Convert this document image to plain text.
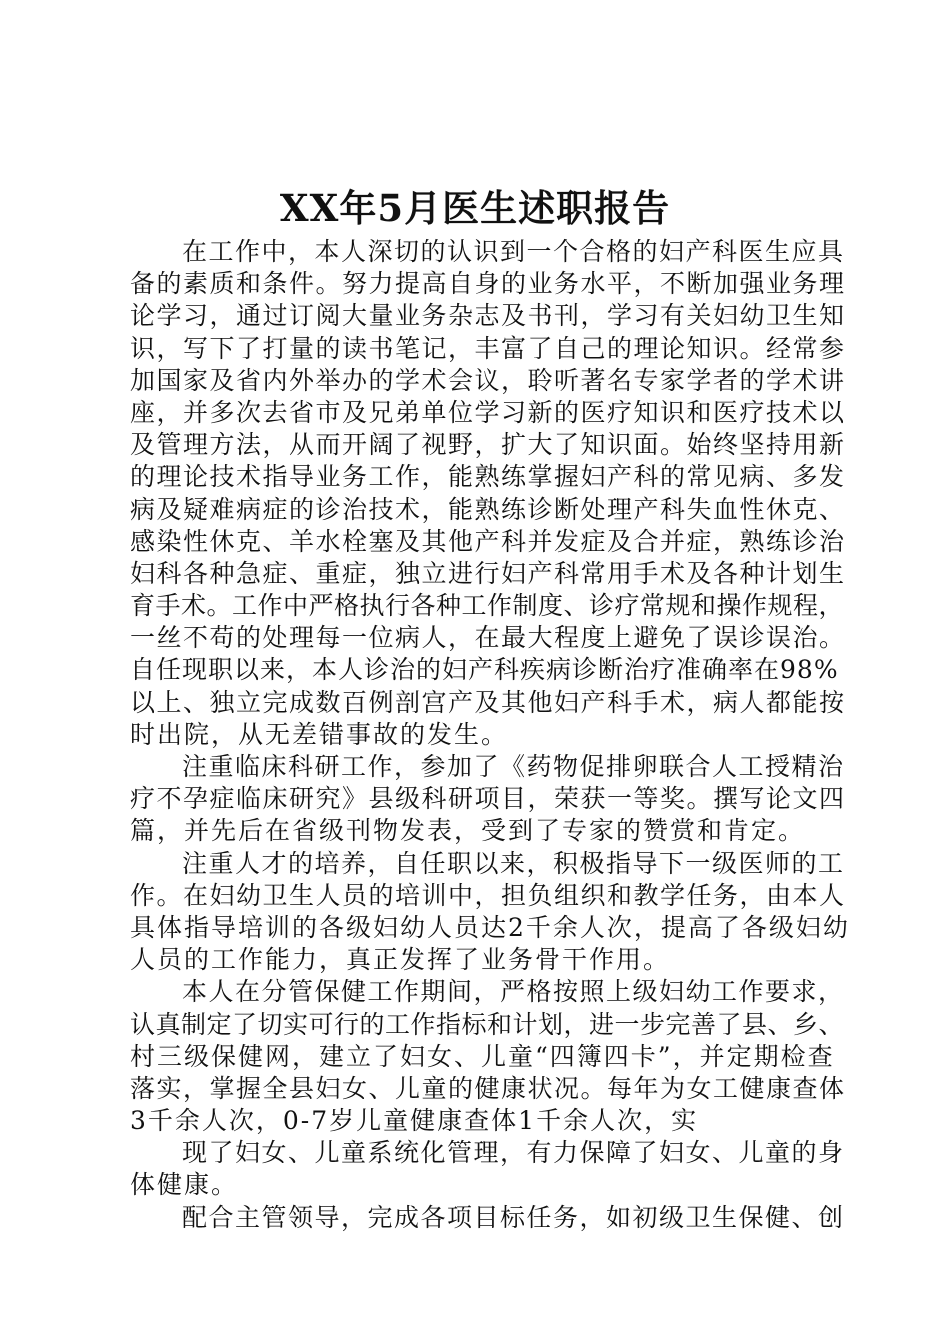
XX年5月医生述职报告
在工作中，本人深切的认识到一个合格的妇产科医生应具
备的素质和条件。努力提高自身的业务水平，不断加强业务理
论学习，通过订阅大量业务杂志及书刊，学习有关妇幼卫生知
识，写下了打量的读书笔记，丰富了自己的理论知识。经常参
加国家及省内外举办的学术会议，聆听著名专家学者的学术讲
座，并多次去省市及兄弟单位学习新的医疗知识和医疗技术以
及管理方法，从而开阔了视野，扩大了知识面。始终坚持用新
的理论技术指导业务工作，能熟练掌握妇产科的常见病、多发
病及疑难病症的诊治技术，能熟练诊断处理产科失血性休克、
感染性休克、羊水栓塞及其他产科并发症及合并症，熟练诊治
妇科各种急症、重症，独立进行妇产科常用手术及各种计划生
育手术。工作中严格执行各种工作制度、诊疗常规和操作规程，
一丝不苟的处理每一位病人，在最大程度上避免了误诊误治。
自任现职以来，本人诊治的妇产科疾病诊断治疗准确率在98%
以上、独立完成数百例剖宫产及其他妇产科手术，病人都能按
时出院，从无差错事故的发生。
注重临床科研工作，参加了《药物促排卵联合人工授精治
疗不孕症临床研究》县级科研项目，荣获一等奖。撰写论文四
篇，并先后在省级刊物发表，受到了专家的赞赏和肯定。
注重人才的培养，自任职以来，积极指导下一级医师的工
作。在妇幼卫生人员的培训中，担负组织和教学任务，由本人
具体指导培训的各级妇幼人员达2千余人次，提高了各级妇幼
人员的工作能力，真正发挥了业务骨干作用。
本人在分管保健工作期间，严格按照上级妇幼工作要求，
认真制定了切实可行的工作指标和计划，进一步完善了县、乡、
村三级保健网，建立了妇女、儿童“四簿四卡”，并定期检查
落实，掌握全县妇女、儿童的健康状况。每年为女工健康查体
3千余人次，0-7岁儿童健康查体1千余人次，实
现了妇女、儿童系统化管理，有力保障了妇女、儿童的身
体健康。
配合主管领导，完成各项目标任务，如初级卫生保健、创
